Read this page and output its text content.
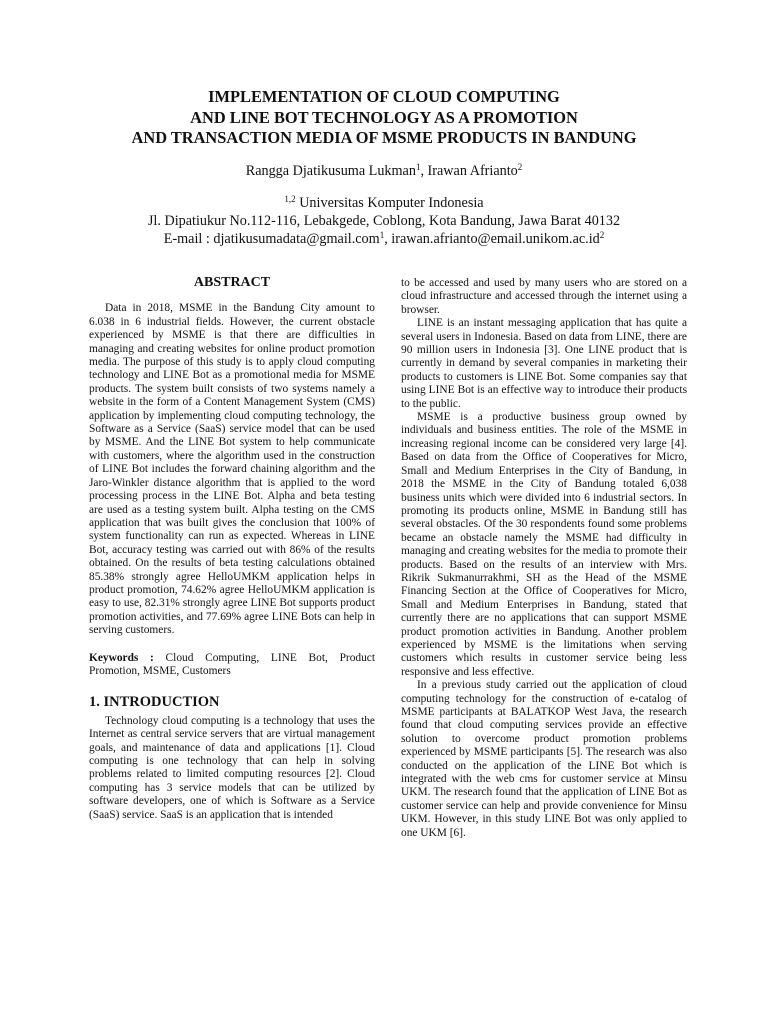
IMPLEMENTATION OF CLOUD COMPUTING
AND LINE BOT TECHNOLOGY AS A PROMOTION
AND TRANSACTION MEDIA OF MSME PRODUCTS IN BANDUNG
Rangga Djatikusuma Lukman$^1$, Irawan Afrianto$^2$
$^{1,2}$ Universitas Komputer Indonesia
Jl. Dipatiukur No.112-116, Lebakgede, Coblong, Kota Bandung, Jawa Barat 40132
E-mail : djatikusumadata@gmail.com$^1$, $irawan.afrianto@email.unikom.ac.id^2$
ABSTRACT

Data in 2018, MSME in the Bandung City amount to 6.038 in 6 industrial fields. However, the current obstacle experienced by MSME is that there are difficulties in managing and creating websites for online product promotion media. The purpose of this study is to apply cloud computing technology and LINE Bot as a promotional media for MSME products. The system built consists of two systems namely a website in the form of a Content Management System (CMS) application by implementing cloud computing technology, the Software as a Service (SaaS) service model that can be used by MSME. And the LINE Bot system to help communicate with customers, where the algorithm used in the construction of LINE Bot includes the forward chaining algorithm and the Jaro-Winkler distance algorithm that is applied to the word processing process in the LINE Bot. Alpha and beta testing are used as a testing system built. Alpha testing on the CMS application that was built gives the conclusion that 100% of system functionality can run as expected. Whereas in LINE Bot, accuracy testing was carried out with 86% of the results obtained. On the results of beta testing calculations obtained 85.38% strongly agree HelloUMKM application helps in product promotion, 74.62% agree HelloUMKM application is easy to use, 82.31% strongly agree LINE Bot supports product promotion activities, and 77.69% agree LINE Bots can help in serving customers.

Keywords : Cloud Computing, LINE Bot, Product Promotion, MSME, Customers

1. INTRODUCTION

Technology cloud computing is a technology that uses the Internet as central service servers that are virtual management goals, and maintenance of data and applications [1]. Cloud computing is one technology that can help in solving problems related to limited computing resources [2]. Cloud computing has 3 service models that can be utilized by software developers, one of which is Software as a Service (SaaS) service. SaaS is an application that is intended

to be accessed and used by many users who are stored on a cloud infrastructure and accessed through the internet using a browser.

LINE is an instant messaging application that has quite a several users in Indonesia. Based on data from LINE, there are 90 million users in Indonesia [3]. One LINE product that is currently in demand by several companies in marketing their products to customers is LINE Bot. Some companies say that using LINE Bot is an effective way to introduce their products to the public.

MSME is a productive business group owned by individuals and business entities. The role of the MSME in increasing regional income can be considered very large [4]. Based on data from the Office of Cooperatives for Micro, Small and Medium Enterprises in the City of Bandung, in 2018 the MSME in the City of Bandung totaled 6,038 business units which were divided into 6 industrial sectors. In promoting its products online, MSME in Bandung still has several obstacles. Of the 30 respondents found some problems became an obstacle namely the MSME had difficulty in managing and creating websites for the media to promote their products. Based on the results of an interview with Mrs. Rikrik Sukmanurrakhmi, SH as the Head of the MSME Financing Section at the Office of Cooperatives for Micro, Small and Medium Enterprises in Bandung, stated that currently there are no applications that can support MSME product promotion activities in Bandung. Another problem experienced by MSME is the limitations when serving customers which results in customer service being less responsive and less effective.

In a previous study carried out the application of cloud computing technology for the construction of e-catalog of MSME participants at BALATKOP West Java, the research found that cloud computing services provide an effective solution to overcome product promotion problems experienced by MSME participants [5]. The research was also conducted on the application of the LINE Bot which is integrated with the web cms for customer service at Minsu UKM. The research found that the application of LINE Bot as customer service can help and provide convenience for Minsu UKM. However, in this study LINE Bot was only applied to one UKM [6].
